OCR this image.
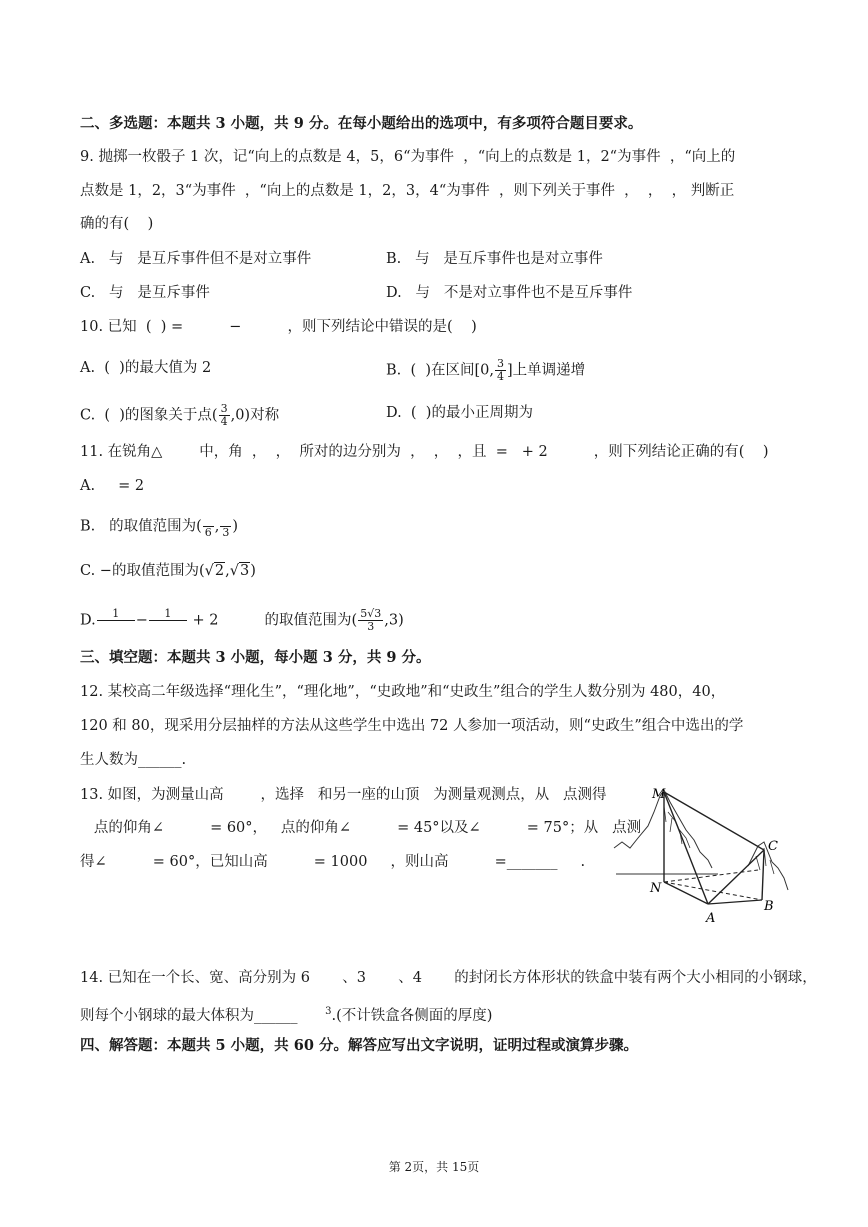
二、多选题：本题共 3 小题，共 9 分。在每小题给出的选项中，有多项符合题目要求。
9. 抛掷一枚骰子 1 次，记“向上的点数是 4，5，6“为事件  ，“向上的点数是 1，2“为事件  ，“向上的
点数是 1，2，3“为事件  ，“向上的点数是 1，2，3，4“为事件  ，则下列关于事件  ，  ，  ， 判断正
确的有(    )
A.   与   是互斥事件但不是对立事件	B.   与   是互斥事件也是对立事件
C.   与   是互斥事件	D.   与   不是对立事件也不是互斥事件
10. 已知  (  ) =          −          ，则下列结论中错误的是(    )
A.  (  )的最大值为 2	B.  (  )在区间[0, $\frac{3}{4}$ ]上单调递增
C.  (  )的图象关于点( $\frac{3}{4} ,0$)对称	D.  (  )的最小正周期为
11. 在锐角△        中，角  ，  ，  所对的边分别为  ，  ，  ，且  =   + 2          ，则下列结论正确的有(    )
A.     = 2
B.   的取值范围为(
6 ,
3 )
C. −的取值范围为(√2,√3)
D.	1
	−	1
	+ 2          的取值范围为( $\frac{5√3}{3} ,3$)
三、填空题：本题共 3 小题，每小题 3 分，共 9 分。
12. 某校高二年级选择“理化生”，“理化地”，“史政地”和“史政生”组合的学生人数分别为 480，40，
120 和 80，现采用分层抽样的方法从这些学生中选出 72 人参加一项活动，则“史政生”组合中选出的学
生人数为______.
13. 如图，为测量山高        ，选择   和另一座的山顶   为测量观测点，从   点测得
点的仰角∠          = 60°，   点的仰角∠          = 45°以及∠          = 75°；从   点测
得∠          = 60°，已知山高          = 1000     ，则山高          =_______     .
M
C
N
A
B
14. 已知在一个长、宽、高分别为 6       、3       、4       的封闭长方体形状的铁盒中装有两个大小相同的小钢球，
则每个小钢球的最大体积为______      $^3$.(不计铁盒各侧面的厚度)
四、解答题：本题共 5 小题，共 60 分。解答应写出文字说明，证明过程或演算步骤。
第 2页，共 15页
